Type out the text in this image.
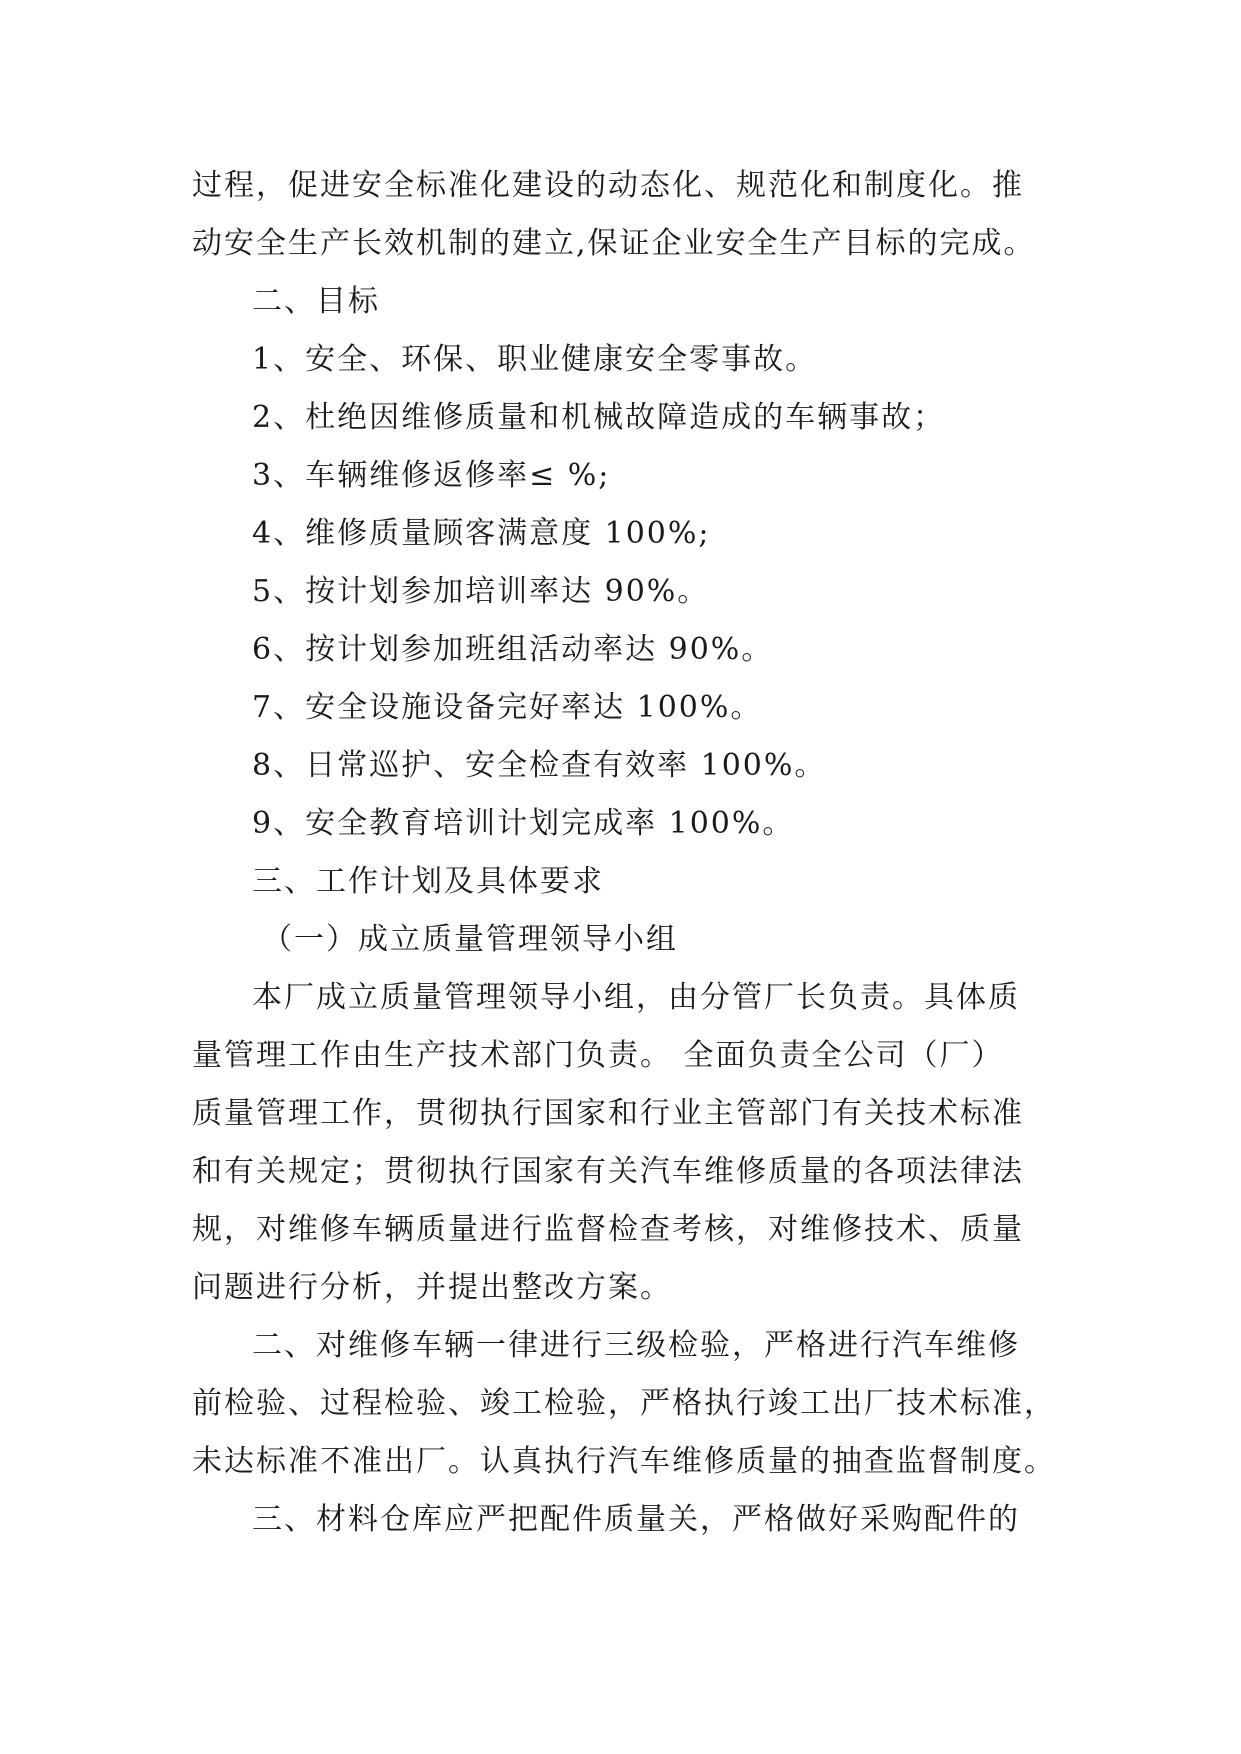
过程，促进安全标准化建设的动态化、规范化和制度化。推
动安全生产长效机制的建立,保证企业安全生产目标的完成。
二、目标
1、安全、环保、职业健康安全零事故。
2、杜绝因维修质量和机械故障造成的车辆事故；
3、车辆维修返修率≤ %;
4、维修质量顾客满意度 100%;
5、按计划参加培训率达 90%。
6、按计划参加班组活动率达 90%。
7、安全设施设备完好率达 100%。
8、日常巡护、安全检查有效率 100%。
9、安全教育培训计划完成率 100%。
三、工作计划及具体要求
（一）成立质量管理领导小组
本厂成立质量管理领导小组，由分管厂长负责。具体质
量管理工作由生产技术部门负责。 全面负责全公司（厂）
质量管理工作，贯彻执行国家和行业主管部门有关技术标准
和有关规定；贯彻执行国家有关汽车维修质量的各项法律法
规，对维修车辆质量进行监督检查考核，对维修技术、质量
问题进行分析，并提出整改方案。
二、对维修车辆一律进行三级检验，严格进行汽车维修
前检验、过程检验、竣工检验，严格执行竣工出厂技术标准，
未达标准不准出厂。认真执行汽车维修质量的抽查监督制度。
三、材料仓库应严把配件质量关，严格做好采购配件的
